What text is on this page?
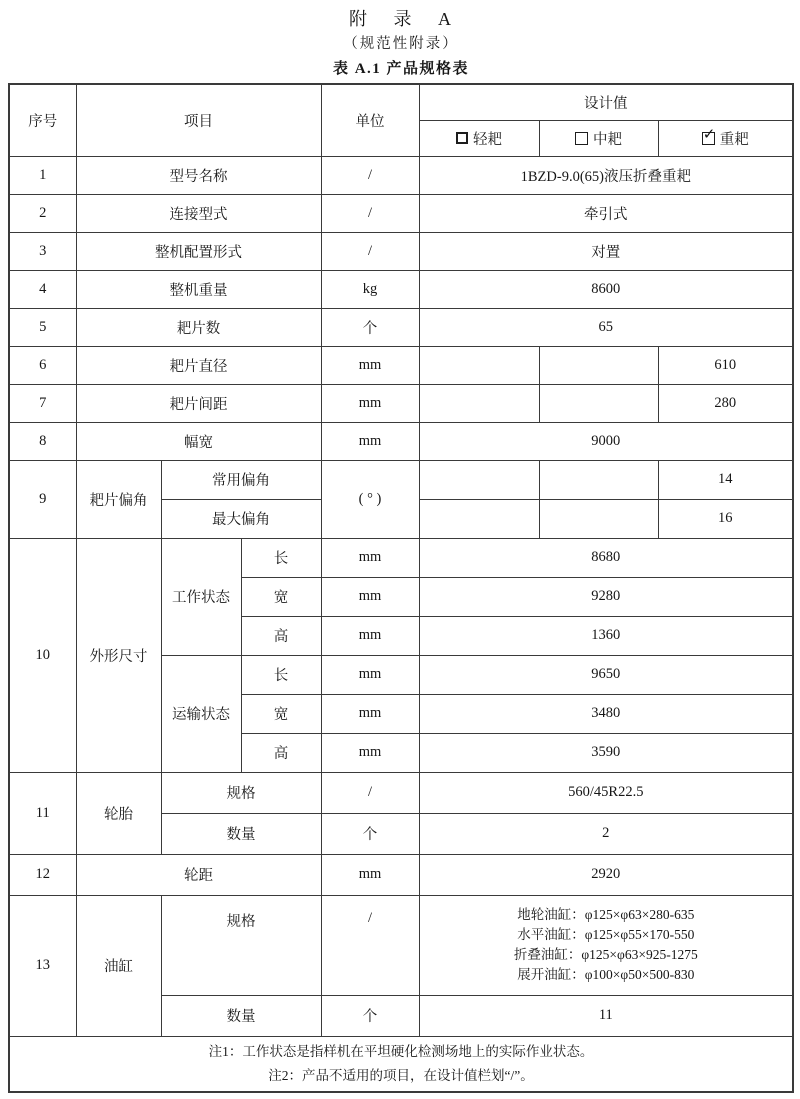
附 录 A
（规范性附录）
表 A.1 产品规格表
序号	项目			单位	设计值		
					轻耙	中耙	✓ 重耙
1	型号名称			/	1BZD-9.0(65)液压折叠重耙		
2	连接型式			/	牵引式		
3	整机配置形式			/	对置		
4	整机重量			kg	8600		
5	耙片数			个	65		
6	耙片直径			mm			610
7	耙片间距			mm			280
8	幅宽			mm	9000		
9	耙片偏角	常用偏角		( ° )			14
		最大偏角					16
10	外形尺寸	工作状态	长	mm	8680		
			宽	mm	9280		
			高	mm	1360		
		运输状态	长	mm	9650		
			宽	mm	3480		
			高	mm	3590		
11	轮胎	规格		/	560/45R22.5		
		数量		个	2		
12	轮距			mm	2920		
13	油缸	规格		/	地轮油缸：φ125×φ63×280-635
水平油缸：φ125×φ55×170-550
折叠油缸：φ125×φ63×925-1275
展开油缸：φ100×φ50×500-830		

		数量		个	11		

注1：工作状态是指样机在平坦硬化检测场地上的实际作业状态。
注2：产品不适用的项目，在设计值栏划“/”。							
